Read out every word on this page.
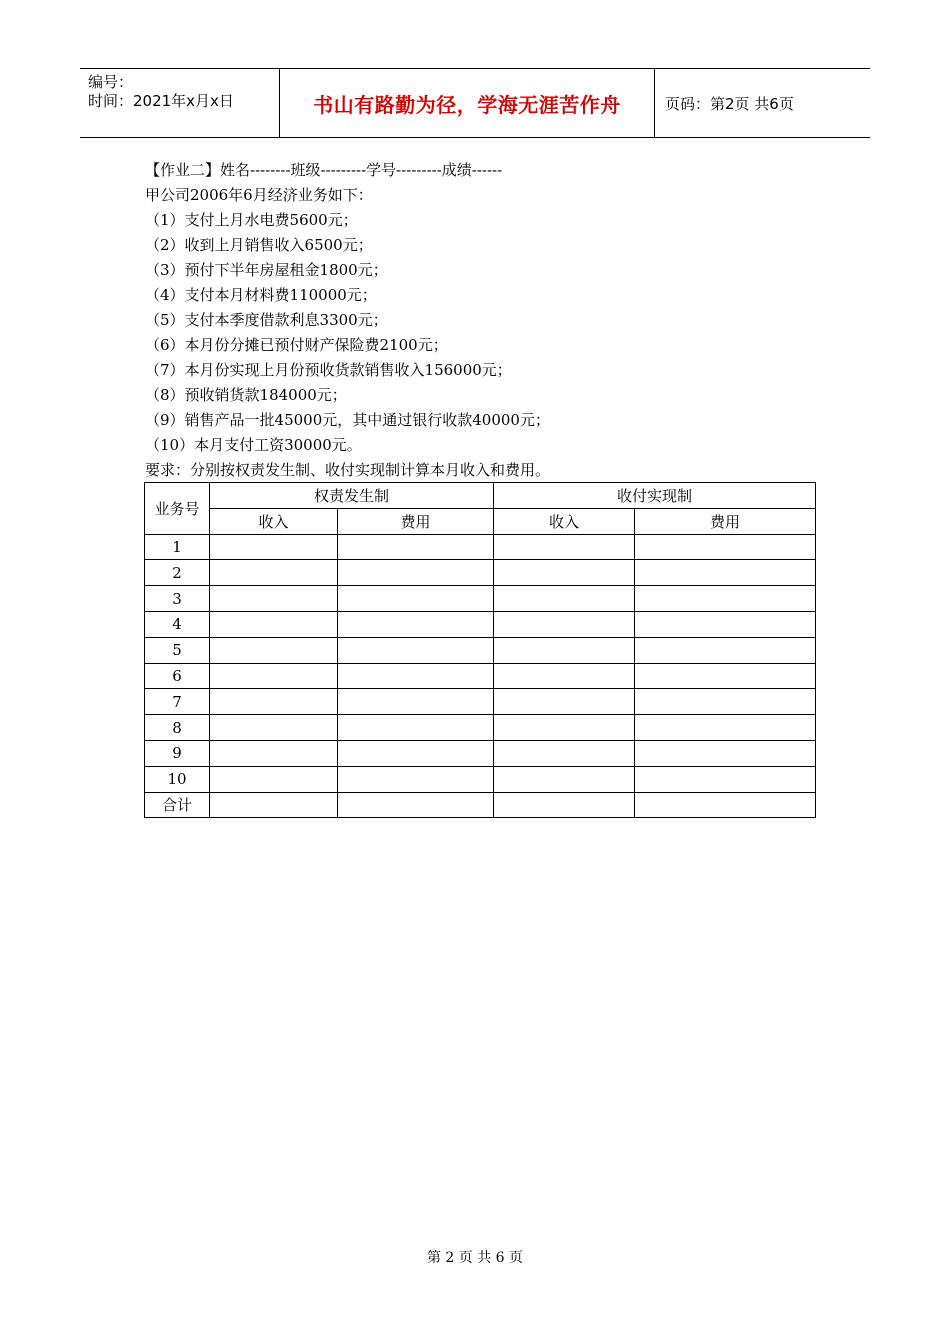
编号：
时间：2021年x月x日	书山有路勤为径，学海无涯苦作舟	页码：第2页 共6页
【作业二】姓名--------班级---------学号---------成绩------
甲公司2006年6月经济业务如下：
（1）支付上月水电费5600元；
（2）收到上月销售收入6500元；
（3）预付下半年房屋租金1800元；
（4）支付本月材料费110000元；
（5）支付本季度借款利息3300元；
（6）本月份分摊已预付财产保险费2100元；
（7）本月份实现上月份预收货款销售收入156000元；
（8）预收销货款184000元；
（9）销售产品一批45000元，其中通过银行收款40000元；
（10）本月支付工资30000元。
要求：分别按权责发生制、收付实现制计算本月收入和费用。
业务号	权责发生制		收付实现制	
	收入	费用	收入	费用
1				
2				
3				
4				
5				
6				
7				
8				
9				
10				
合计				
第 2 页 共 6 页
